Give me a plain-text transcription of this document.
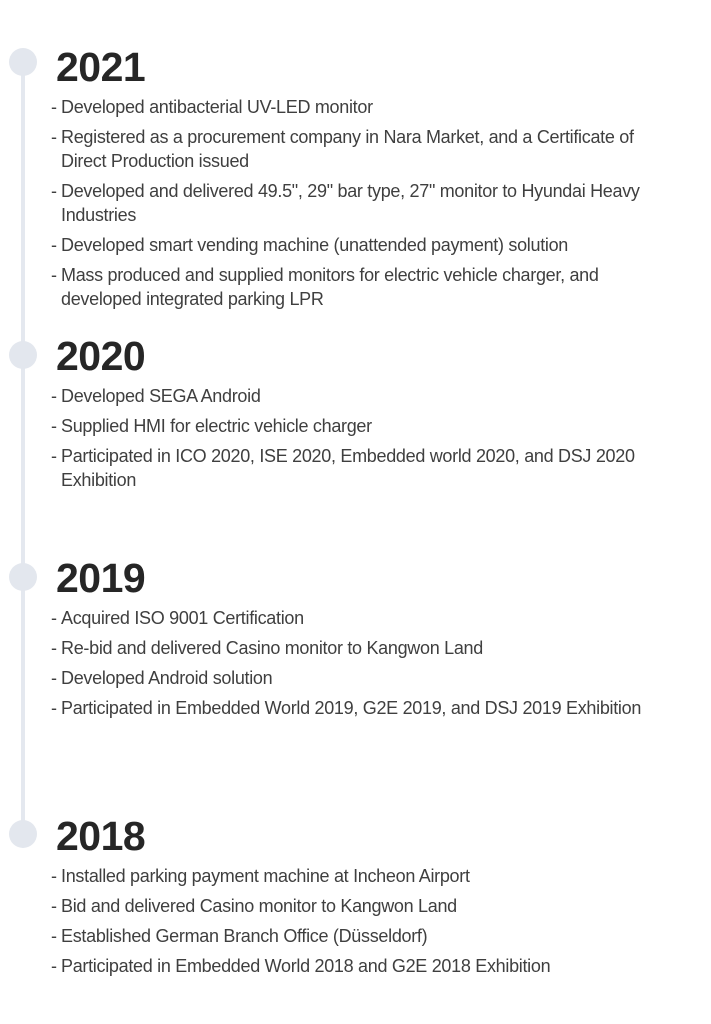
2021
- Developed antibacterial UV-LED monitor
- Registered as a procurement company in Nara Market, and a Certificate of Direct Production issued
- Developed and delivered 49.5", 29" bar type, 27" monitor to Hyundai Heavy Industries
- Developed smart vending machine (unattended payment) solution
- Mass produced and supplied monitors for electric vehicle charger, and developed integrated parking LPR
2020
- Developed SEGA Android
- Supplied HMI for electric vehicle charger
- Participated in ICO 2020, ISE 2020, Embedded world 2020, and DSJ 2020 Exhibition
2019
- Acquired ISO 9001 Certification
- Re-bid and delivered Casino monitor to Kangwon Land
- Developed Android solution
- Participated in Embedded World 2019, G2E 2019, and DSJ 2019 Exhibition
2018
- Installed parking payment machine at Incheon Airport
- Bid and delivered Casino monitor to Kangwon Land
- Established German Branch Office (Düsseldorf)
- Participated in Embedded World 2018 and G2E 2018 Exhibition
